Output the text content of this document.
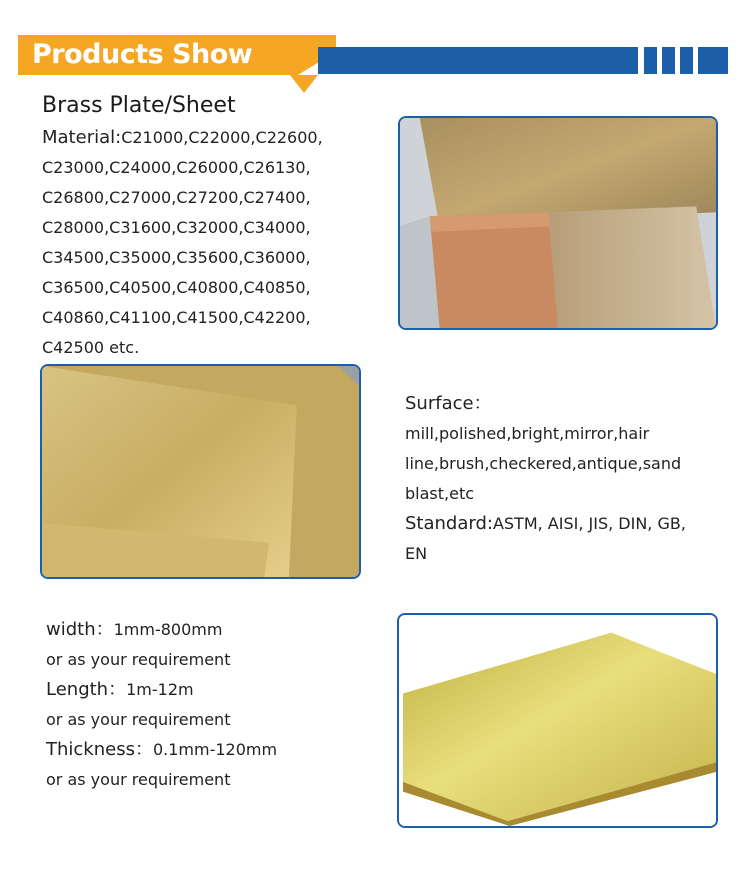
Products Show
Brass Plate/Sheet
Material:C21000,C22000,C22600,
C23000,C24000,C26000,C26130,
C26800,C27000,C27200,C27400,
C28000,C31600,C32000,C34000,
C34500,C35000,C35600,C36000,
C36500,C40500,C40800,C40850,
C40860,C41100,C41500,C42200,
C42500 etc.
Surface：
mill,polished,bright,mirror,hair
line,brush,checkered,antique,sand
blast,etc
Standard:ASTM, AISI, JIS, DIN, GB,
EN
width：1mm-800mm
or as your requirement
Length：1m-12m
or as your requirement
Thickness：0.1mm-120mm
or as your requirement
